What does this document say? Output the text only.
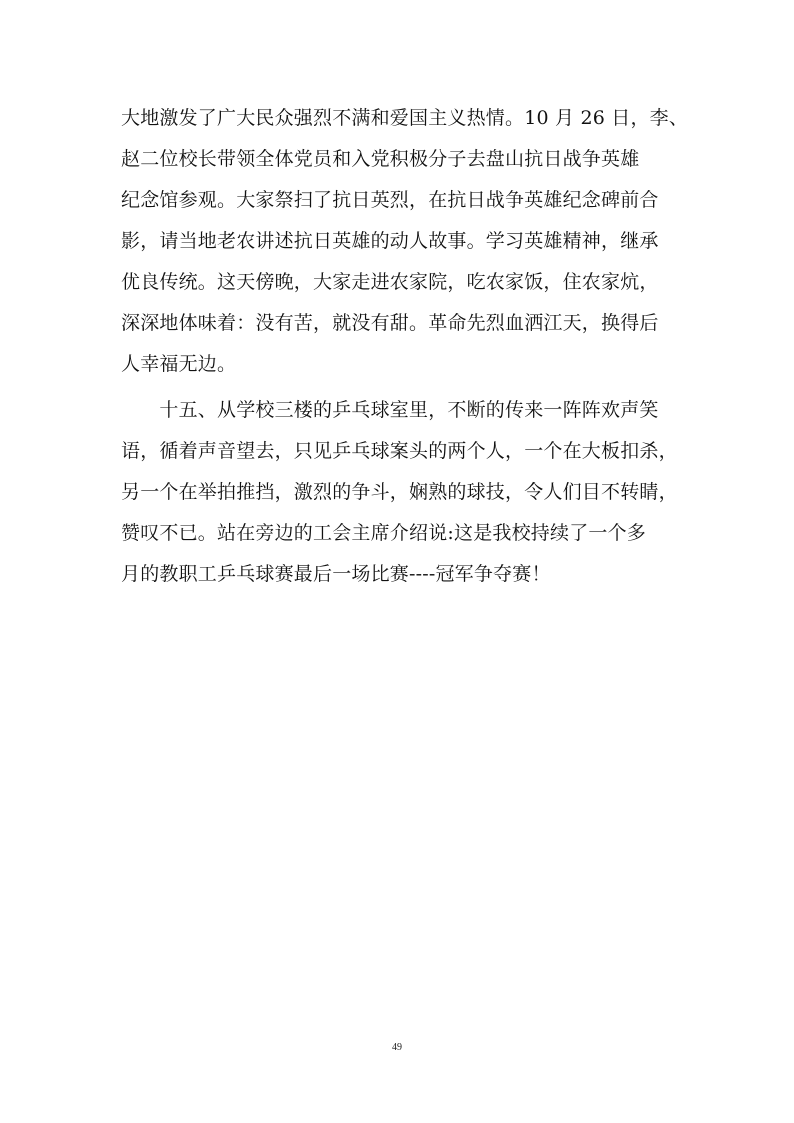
大地激发了广大民众强烈不满和爱国主义热情。10 月 26 日，李、
赵二位校长带领全体党员和入党积极分子去盘山抗日战争英雄
纪念馆参观。大家祭扫了抗日英烈，在抗日战争英雄纪念碑前合
影，请当地老农讲述抗日英雄的动人故事。学习英雄精神，继承
优良传统。这天傍晚，大家走进农家院，吃农家饭，住农家炕，
深深地体味着：没有苦，就没有甜。革命先烈血洒江天，换得后
人幸福无边。
　　十五、从学校三楼的乒乓球室里，不断的传来一阵阵欢声笑
语，循着声音望去，只见乒乓球案头的两个人，一个在大板扣杀，
另一个在举拍推挡，激烈的争斗，娴熟的球技，令人们目不转睛，
赞叹不已。站在旁边的工会主席介绍说:这是我校持续了一个多
月的教职工乒乓球赛最后一场比赛----冠军争夺赛！
49
